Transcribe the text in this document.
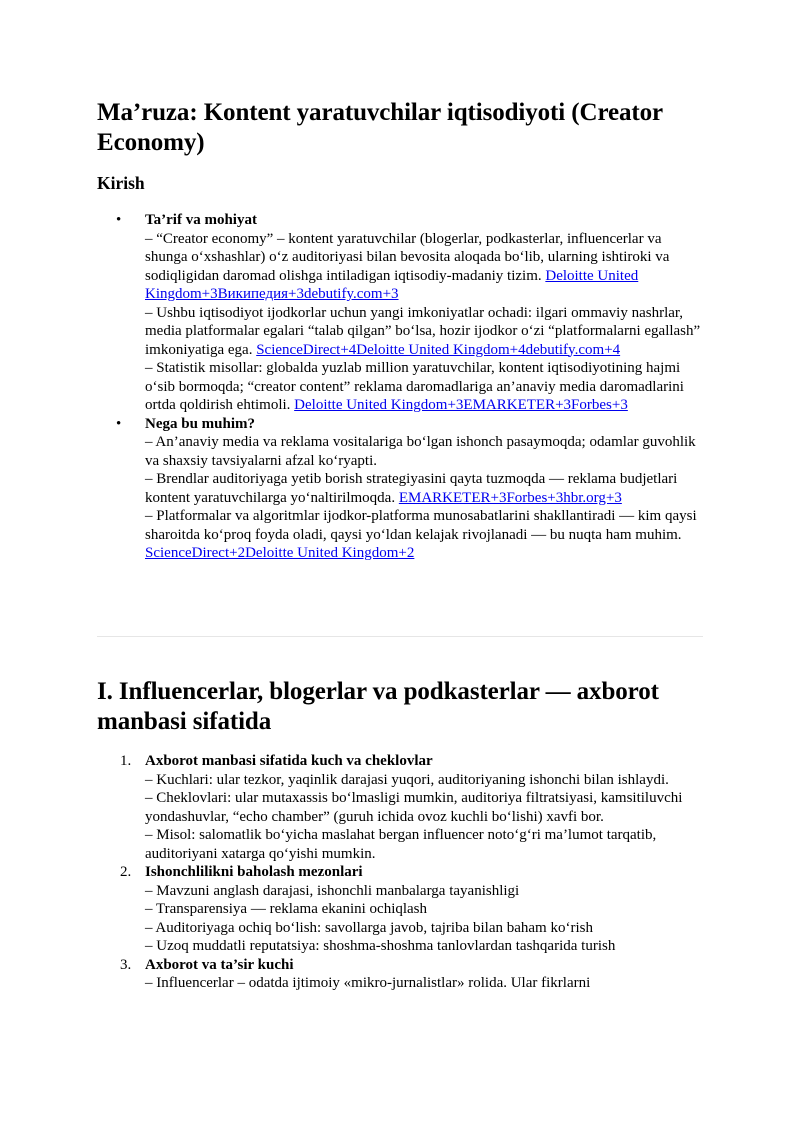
Ma’ruza: Kontent yaratuvchilar iqtisodiyoti (Creator Economy)
Kirish
• Ta’rif va mohiyat
– “Creator economy” – kontent yaratuvchilar (blogerlar, podkasterlar, influencerlar va shunga o‘xshashlar) o‘z auditoriyasi bilan bevosita aloqada bo‘lib, ularning ishtiroki va sodiqligidan daromad olishga intiladigan iqtisodiy-madaniy tizim. Deloitte United Kingdom+3Википедия+3debutify.com+3
– Ushbu iqtisodiyot ijodkorlar uchun yangi imkoniyatlar ochadi: ilgari ommaviy nashrlar, media platformalar egalari “talab qilgan” bo‘lsa, hozir ijodkor o‘zi “platformalarni egallash” imkoniyatiga ega. ScienceDirect+4Deloitte United Kingdom+4debutify.com+4
– Statistik misollar: globalda yuzlab million yaratuvchilar, kontent iqtisodiyotining hajmi o‘sib bormoqda; “creator content” reklama daromadlariga an’anaviy media daromadlarini ortda qoldirish ehtimoli. Deloitte United Kingdom+3EMARKETER+3Forbes+3
• Nega bu muhim?
– An’anaviy media va reklama vositalariga bo‘lgan ishonch pasaymoqda; odamlar guvohlik va shaxsiy tavsiyalarni afzal ko‘ryapti.
– Brendlar auditoriyaga yetib borish strategiyasini qayta tuzmoqda — reklama budjetlari kontent yaratuvchilarga yo‘naltirilmoqda. EMARKETER+3Forbes+3hbr.org+3
– Platformalar va algoritmlar ijodkor-platforma munosabatlarini shakllantiradi — kim qaysi sharoitda ko‘proq foyda oladi, qaysi yo‘ldan kelajak rivojlanadi — bu nuqta ham muhim. ScienceDirect+2Deloitte United Kingdom+2
I. Influencerlar, blogerlar va podkasterlar — axborot manbasi sifatida
1. Axborot manbasi sifatida kuch va cheklovlar
– Kuchlari: ular tezkor, yaqinlik darajasi yuqori, auditoriyaning ishonchi bilan ishlaydi.
– Cheklovlari: ular mutaxassis bo‘lmasligi mumkin, auditoriya filtratsiyasi, kamsitiluvchi yondashuvlar, “echo chamber” (guruh ichida ovoz kuchli bo‘lishi) xavfi bor.
– Misol: salomatlik bo‘yicha maslahat bergan influencer noto‘g‘ri ma’lumot tarqatib, auditoriyani xatarga qo‘yishi mumkin.
2. Ishonchlilikni baholash mezonlari
– Mavzuni anglash darajasi, ishonchli manbalarga tayanishligi
– Transparensiya — reklama ekanini ochiqlash
– Auditoriyaga ochiq bo‘lish: savollarga javob, tajriba bilan baham ko‘rish
– Uzoq muddatli reputatsiya: shoshma-shoshma tanlovlardan tashqarida turish
3. Axborot va ta’sir kuchi
– Influencerlar – odatda ijtimoiy «mikro-jurnalistlar» rolida. Ular fikrlarni
